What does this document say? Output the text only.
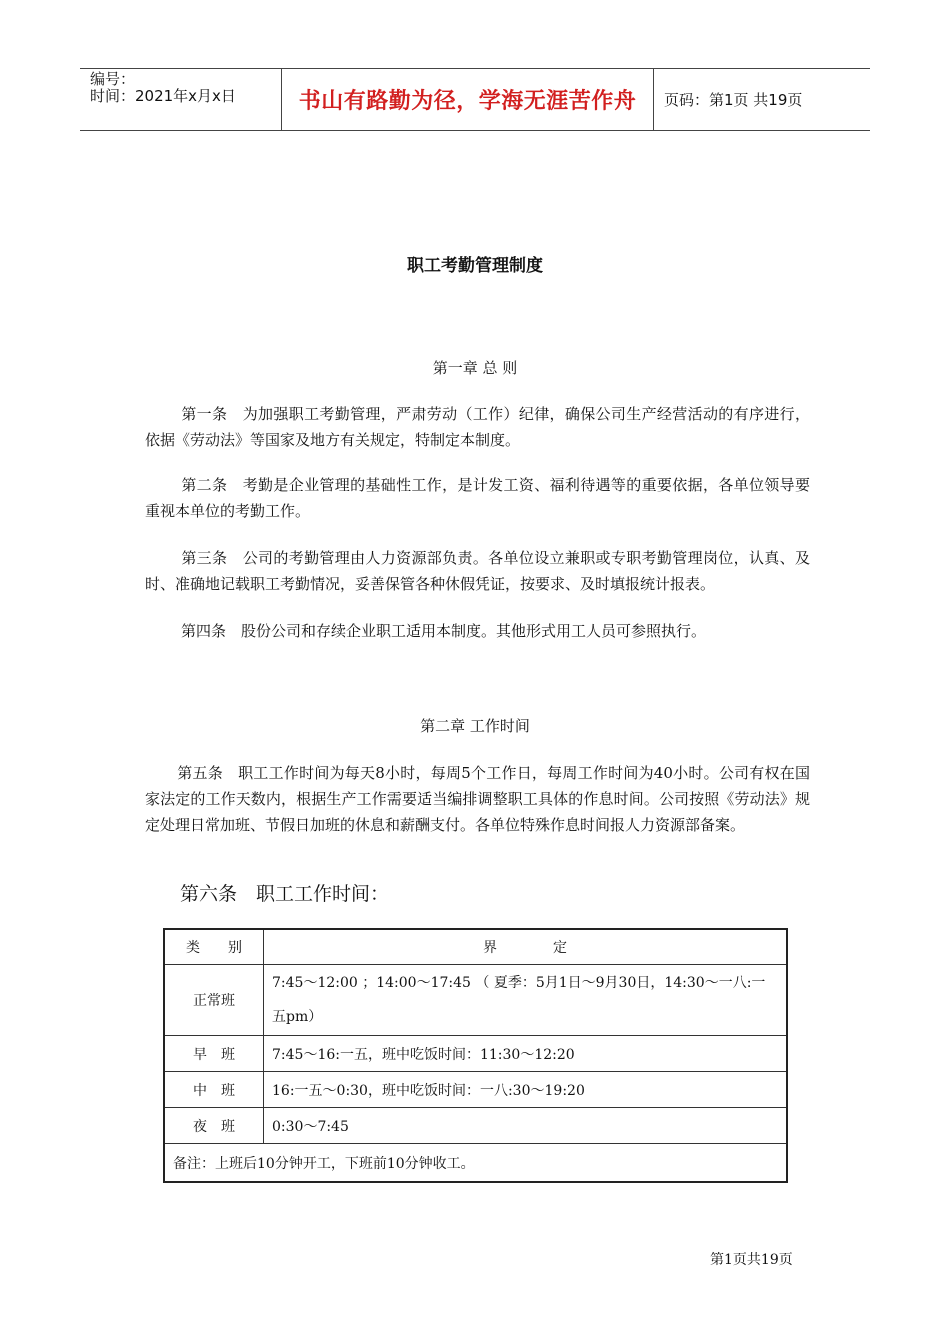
编号：
时间：2021年x月x日	书山有路勤为径，学海无涯苦作舟	页码：第1页 共19页
职工考勤管理制度
第一章 总 则
第一条　为加强职工考勤管理，严肃劳动（工作）纪律，确保公司生产经营活动的有序进行，依据《劳动法》等国家及地方有关规定，特制定本制度。
第二条　考勤是企业管理的基础性工作，是计发工资、福利待遇等的重要依据，各单位领导要重视本单位的考勤工作。
第三条　公司的考勤管理由人力资源部负责。各单位设立兼职或专职考勤管理岗位，认真、及时、准确地记载职工考勤情况，妥善保管各种休假凭证，按要求、及时填报统计报表。
第四条　股份公司和存续企业职工适用本制度。其他形式用工人员可参照执行。
第二章 工作时间
第五条　职工工作时间为每天8小时，每周5个工作日，每周工作时间为40小时。公司有权在国家法定的工作天数内，根据生产工作需要适当编排调整职工具体的作息时间。公司按照《劳动法》规定处理日常加班、节假日加班的休息和薪酬支付。各单位特殊作息时间报人力资源部备案。
第六条　职工工作时间：
类　　别	界　　　　定
正常班	7:45～12:00 ；14:00～17:45 （ 夏季：5月1日～9月30日，14:30～一八:一五pm）
早　班	7:45～16:一五，班中吃饭时间：11:30～12:20
中　班	16:一五～0:30，班中吃饭时间：一八:30～19:20
夜　班	0:30～7:45
备注：上班后10分钟开工，下班前10分钟收工。	
第1页共19页
